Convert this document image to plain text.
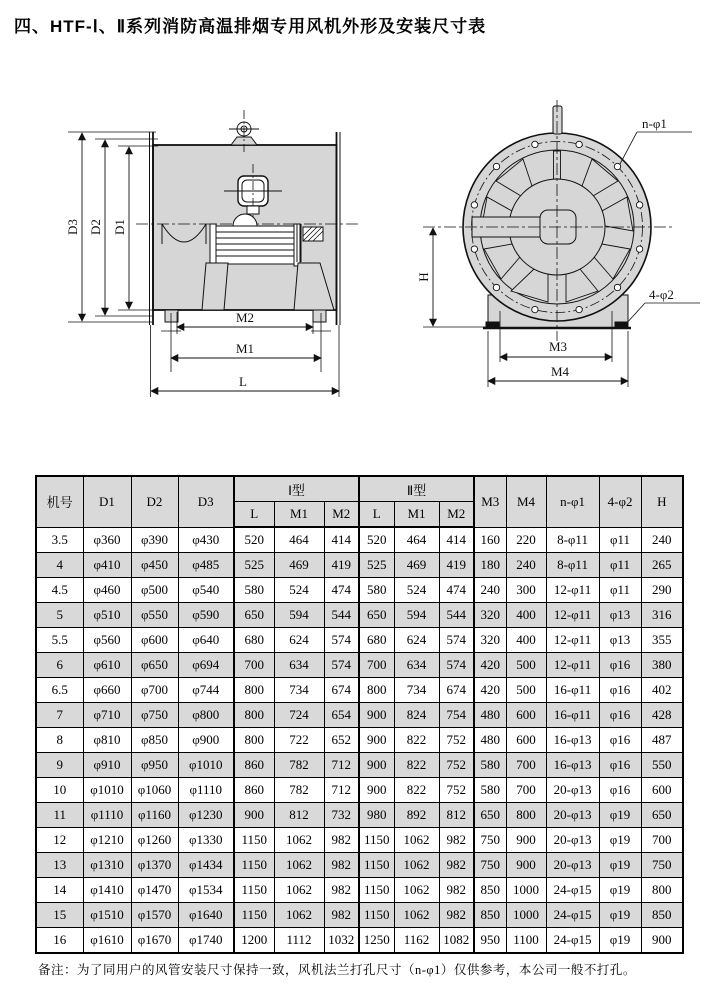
四、HTF-Ⅰ、Ⅱ系列消防高温排烟专用风机外形及安装尺寸表
D3 D2 D1
M2
M1
L
n-φ1
4-φ2
H
M3
M4
机号	D1	D2	D3	Ⅰ型			Ⅱ型			M3	M4	n-φ1	4-φ2	H
				L	M1	M2	L	M1	M2					
3.5	φ360	φ390	φ430	520	464	414	520	464	414	160	220	8-φ11	φ11	240
4	φ410	φ450	φ485	525	469	419	525	469	419	180	240	8-φ11	φ11	265
4.5	φ460	φ500	φ540	580	524	474	580	524	474	240	300	12-φ11	φ11	290
5	φ510	φ550	φ590	650	594	544	650	594	544	320	400	12-φ11	φ13	316
5.5	φ560	φ600	φ640	680	624	574	680	624	574	320	400	12-φ11	φ13	355
6	φ610	φ650	φ694	700	634	574	700	634	574	420	500	12-φ11	φ16	380
6.5	φ660	φ700	φ744	800	734	674	800	734	674	420	500	16-φ11	φ16	402
7	φ710	φ750	φ800	800	724	654	900	824	754	480	600	16-φ11	φ16	428
8	φ810	φ850	φ900	800	722	652	900	822	752	480	600	16-φ13	φ16	487
9	φ910	φ950	φ1010	860	782	712	900	822	752	580	700	16-φ13	φ16	550
10	φ1010	φ1060	φ1110	860	782	712	900	822	752	580	700	20-φ13	φ16	600
11	φ1110	φ1160	φ1230	900	812	732	980	892	812	650	800	20-φ13	φ19	650
12	φ1210	φ1260	φ1330	1150	1062	982	1150	1062	982	750	900	20-φ13	φ19	700
13	φ1310	φ1370	φ1434	1150	1062	982	1150	1062	982	750	900	20-φ13	φ19	750
14	φ1410	φ1470	φ1534	1150	1062	982	1150	1062	982	850	1000	24-φ15	φ19	800
15	φ1510	φ1570	φ1640	1150	1062	982	1150	1062	982	850	1000	24-φ15	φ19	850
16	φ1610	φ1670	φ1740	1200	1112	1032	1250	1162	1082	950	1100	24-φ15	φ19	900
备注：为了同用户的风管安装尺寸保持一致，风机法兰打孔尺寸（n-φ1）仅供参考，本公司一般不打孔。
